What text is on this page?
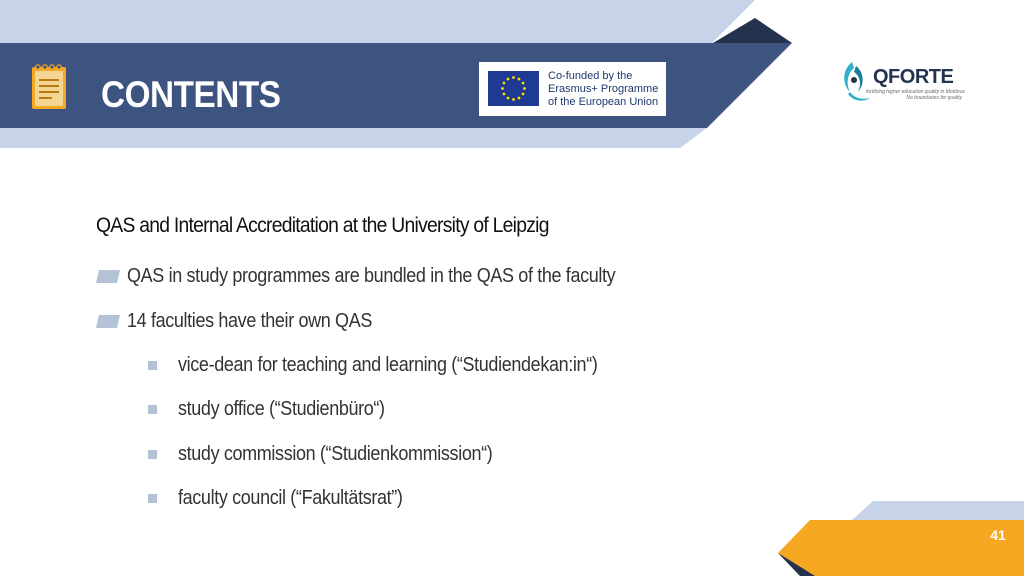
CONTENTS	Co-funded by the
Erasmus+ Programme
of the European Union
QFORTE
fortifying higher education quality in Moldova
No boundaries for quality
QAS and Internal Accreditation at the University of Leipzig
QAS in study programmes are bundled in the QAS of the faculty
14 faculties have their own QAS
vice-dean for teaching and learning (“Studiendekan:in“)
study office (“Studienbüro“)
study commission (“Studienkommission“)
faculty council (“Fakultätsrat”)
41
